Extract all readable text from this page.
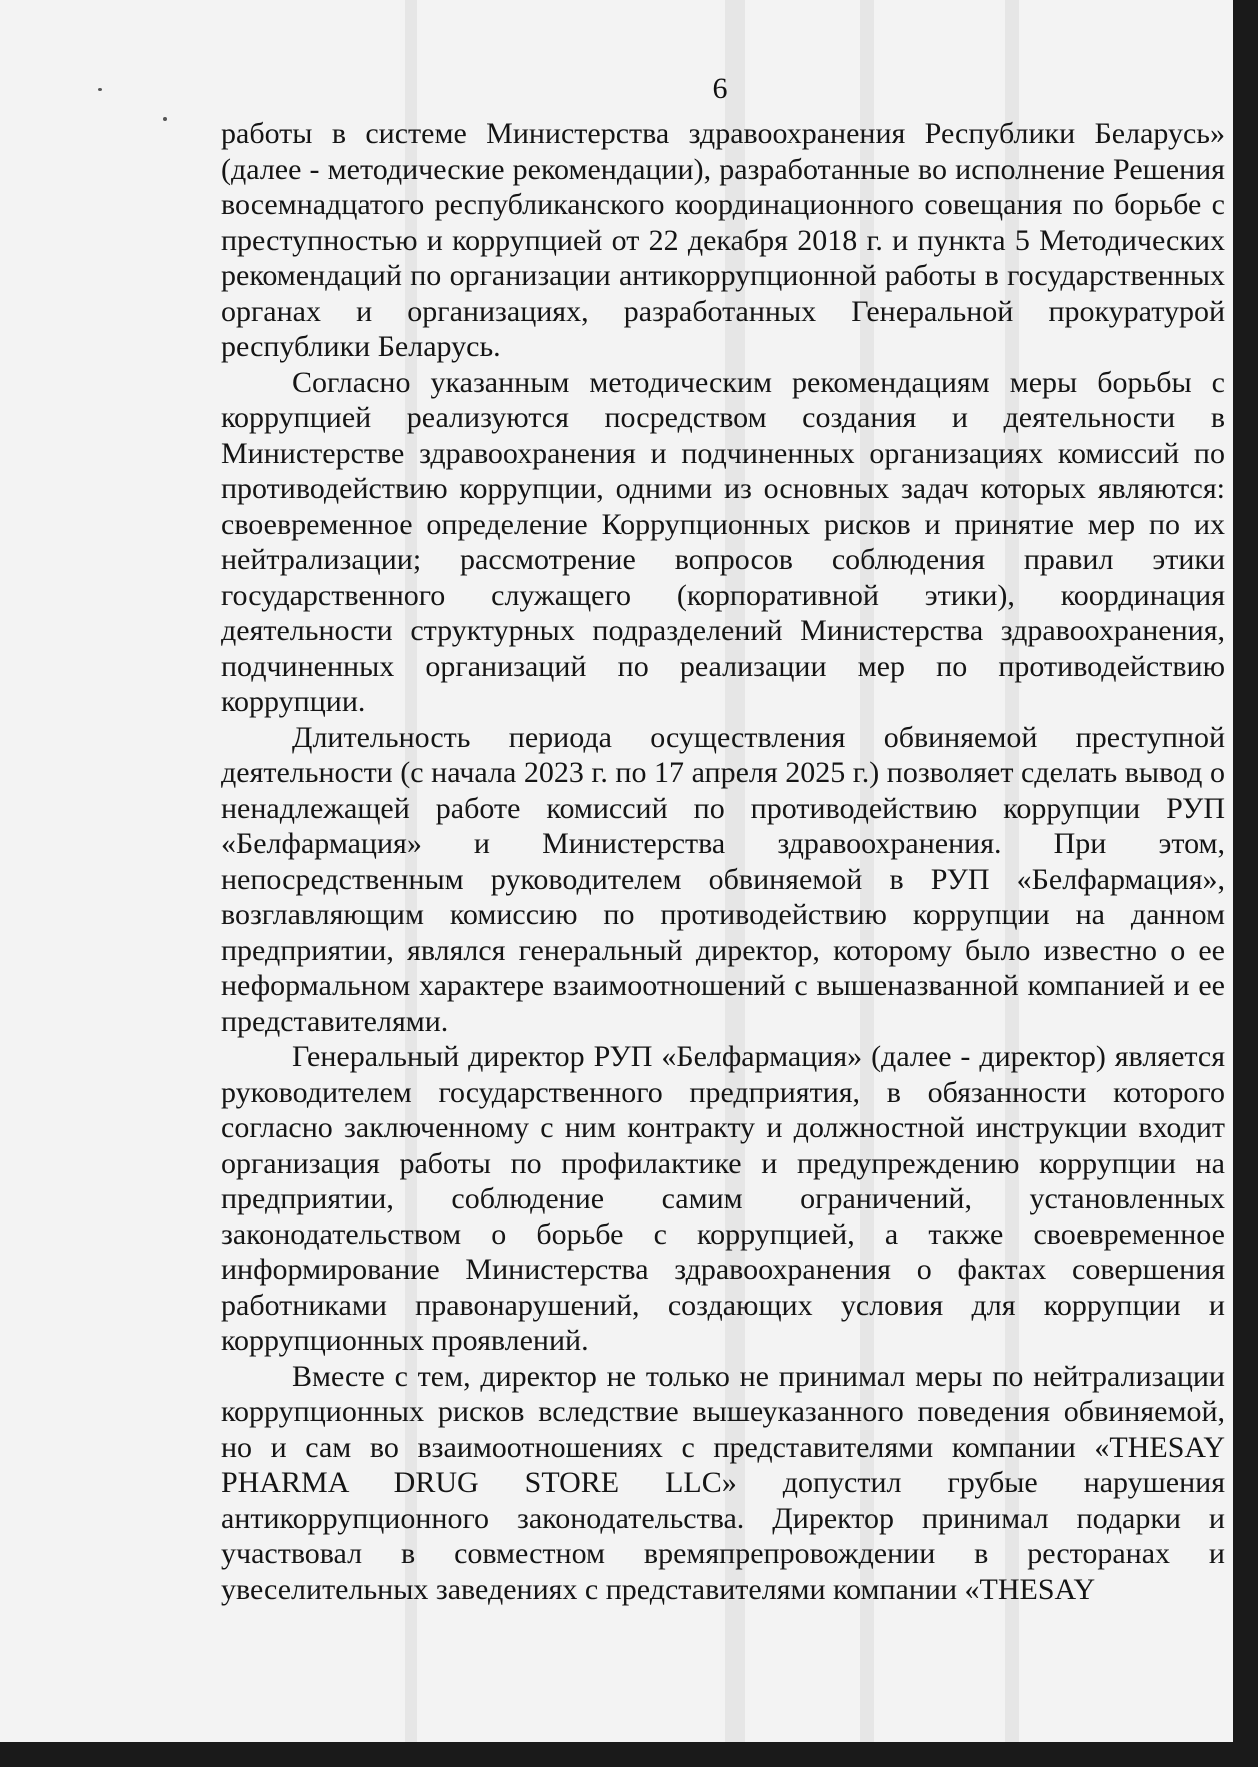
6

работы в системе Министерства здравоохранения Республики Беларусь» (далее - методические рекомендации), разработанные во исполнение Решения восемнадцатого республиканского координационного совещания по борьбе с преступностью и коррупцией от 22 декабря 2018 г. и пункта 5 Методических рекомендаций по организации антикоррупционной работы в государственных органах и организациях, разработанных Генеральной прокуратурой республики Беларусь.

Согласно указанным методическим рекомендациям меры борьбы с коррупцией реализуются посредством создания и деятельности в Министерстве здравоохранения и подчиненных организациях комиссий по противодействию коррупции, одними из основных задач которых являются: своевременное определение Коррупционных рисков и принятие мер по их нейтрализации; рассмотрение вопросов соблюдения правил этики государственного служащего (корпоративной этики), координация деятельности структурных подразделений Министерства здравоохранения, подчиненных организаций по реализации мер по противодействию коррупции.

Длительность периода осуществления обвиняемой преступной деятельности (с начала 2023 г. по 17 апреля 2025 г.) позволяет сделать вывод о ненадлежащей работе комиссий по противодействию коррупции РУП «Белфармация» и Министерства здравоохранения. При этом, непосредственным руководителем обвиняемой в РУП «Белфармация», возглавляющим комиссию по противодействию коррупции на данном предприятии, являлся генеральный директор, которому было известно о ее неформальном характере взаимоотношений с вышеназванной компанией и ее представителями.

Генеральный директор РУП «Белфармация» (далее - директор) является руководителем государственного предприятия, в обязанности которого согласно заключенному с ним контракту и должностной инструкции входит организация работы по профилактике и предупреждению коррупции на предприятии, соблюдение самим ограничений, установленных законодательством о борьбе с коррупцией, а также своевременное информирование Министерства здравоохранения о фактах совершения работниками правонарушений, создающих условия для коррупции и коррупционных проявлений.

Вместе с тем, директор не только не принимал меры по нейтрализации коррупционных рисков вследствие вышеуказанного поведения обвиняемой, но и сам во взаимоотношениях с представителями компании «THESAY PHARMA DRUG STORE LLC» допустил грубые нарушения антикоррупционного законодательства. Директор принимал подарки и участвовал в совместном времяпрепровождении в ресторанах и увеселительных заведениях с представителями компании «THESAY
